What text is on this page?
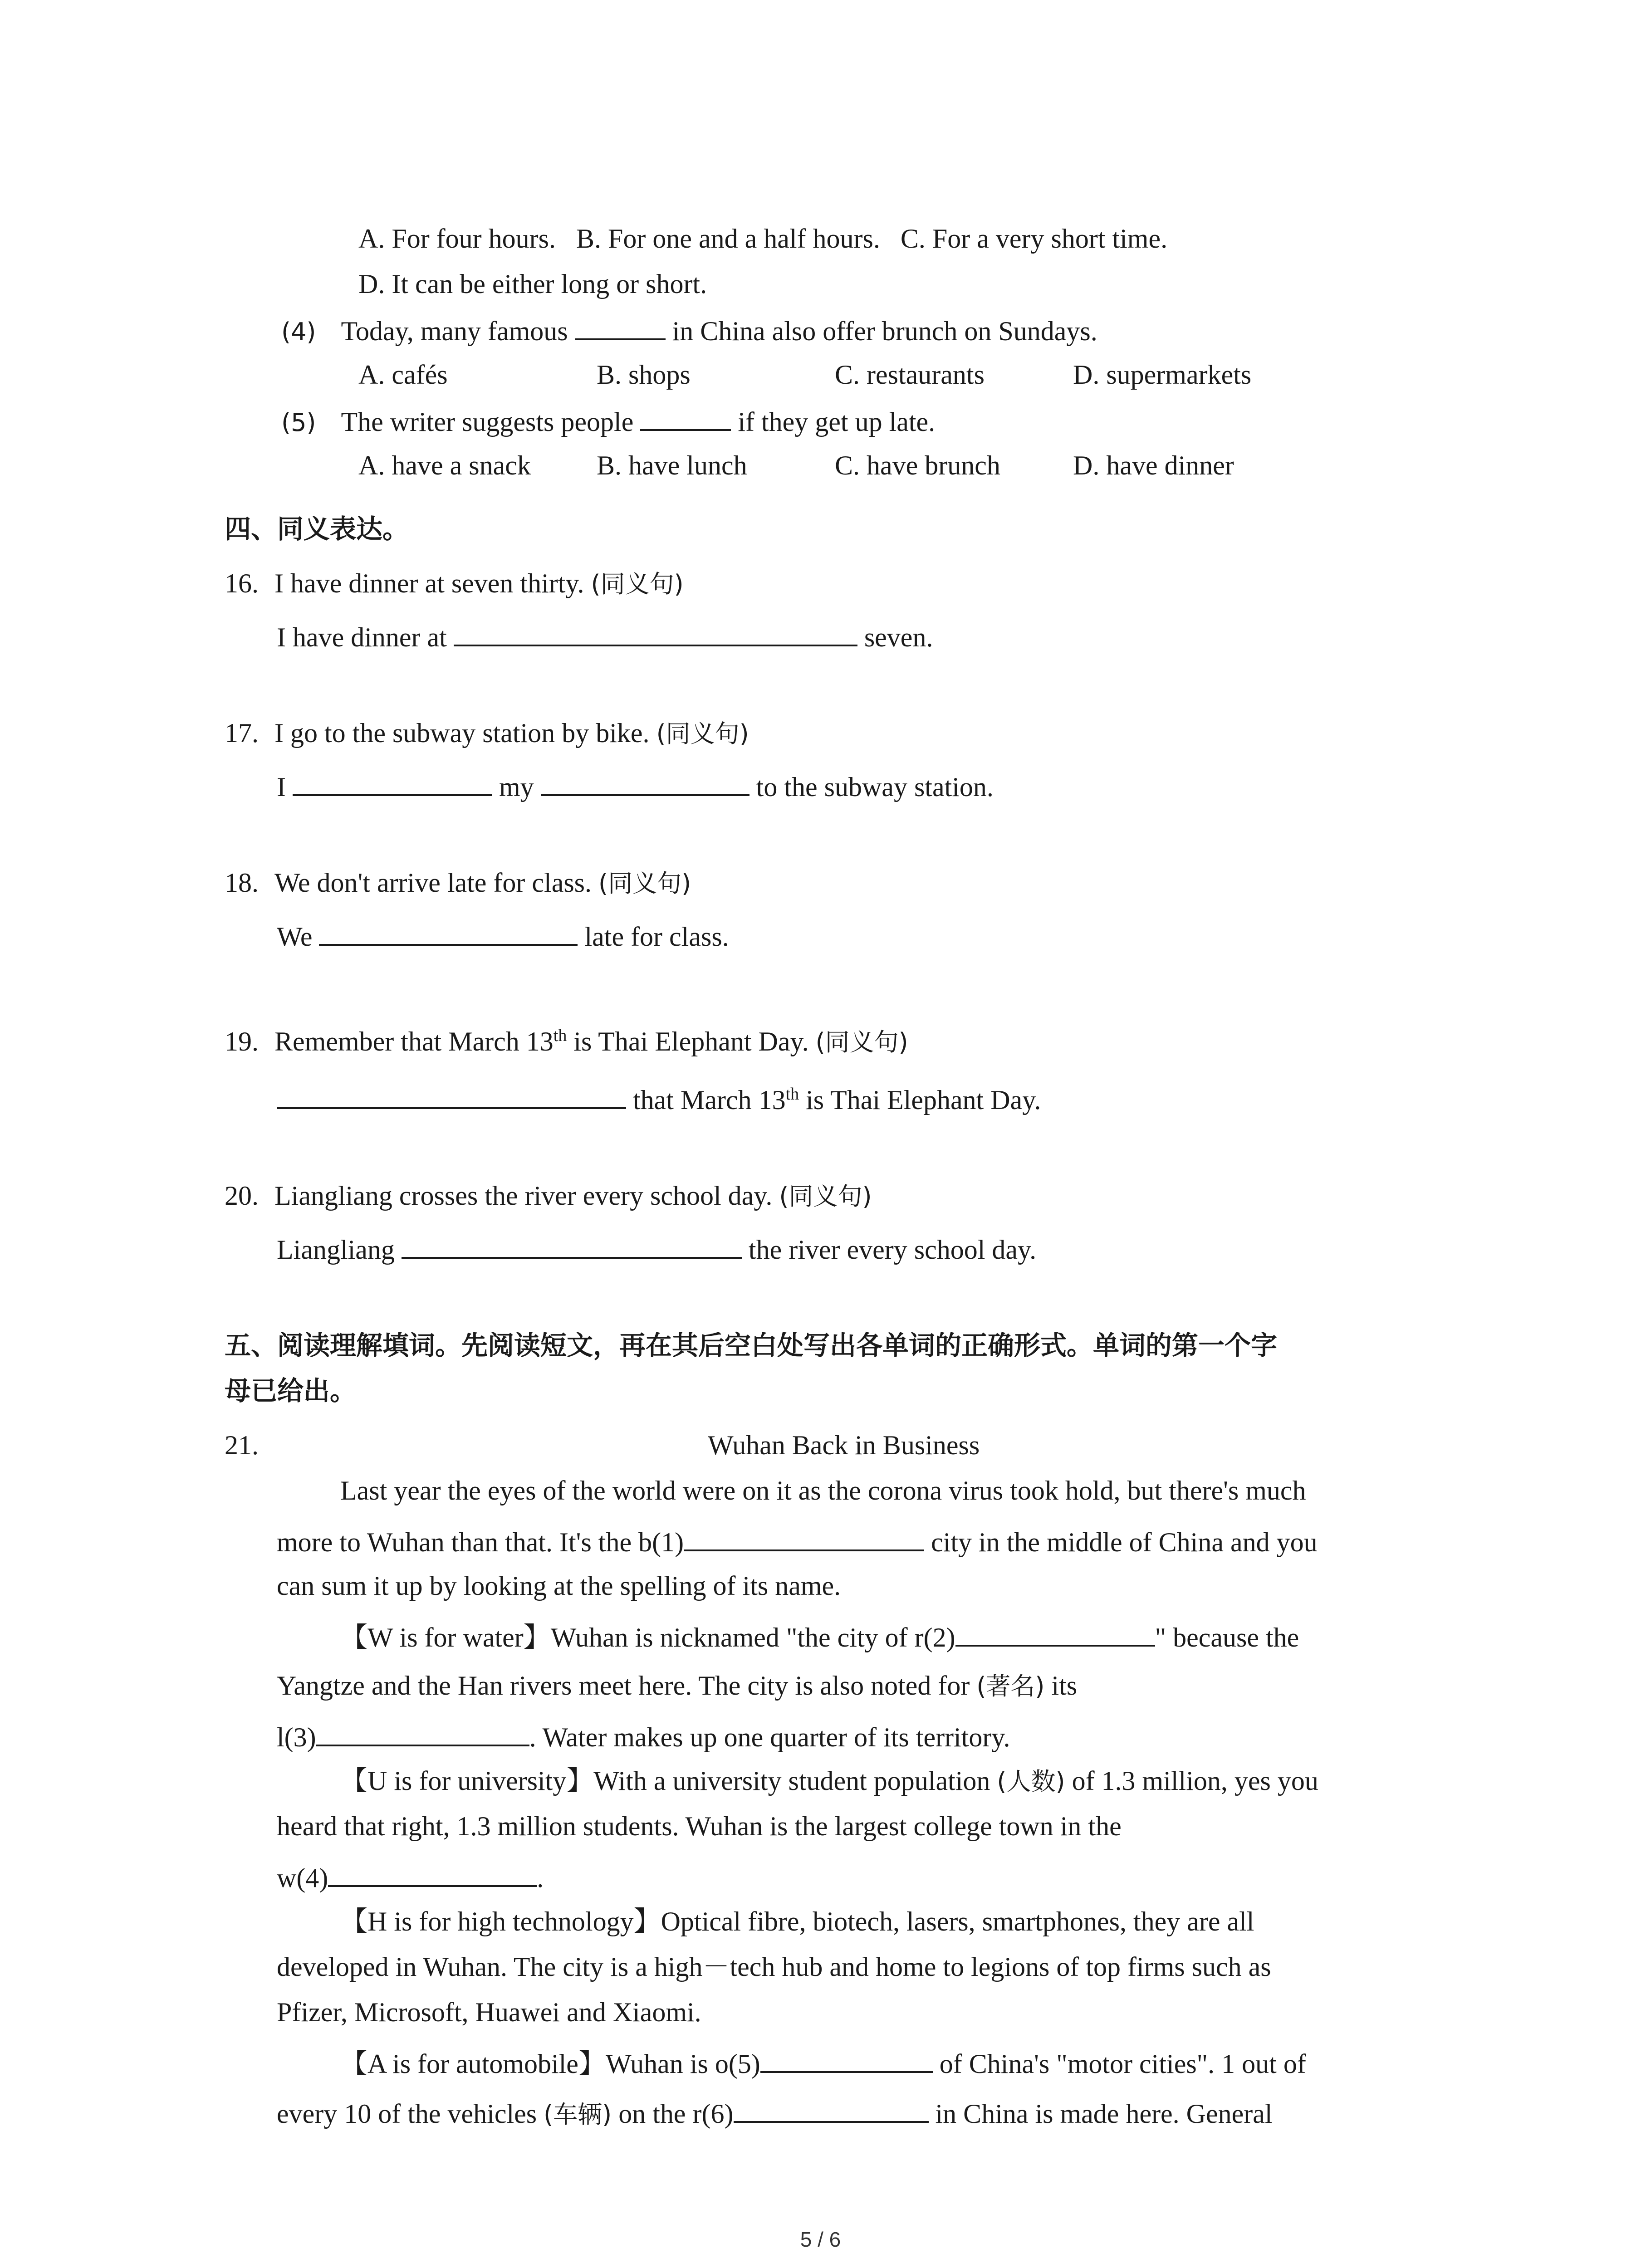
A. For four hours. B. For one and a half hours. C. For a very short time.
D. It can be either long or short.
(4) Today, many famous	in China also offer brunch on Sundays.
A. cafés	B. shops	C. restaurants	D. supermarkets
(5) The writer suggests people	if they get up late.
A. have a snack B. have lunch	C. have brunch	D. have dinner
四、同义表达。
16. I have dinner at seven thirty. (同义句)
I have dinner at	seven.
17. I go to the subway station by bike. (同义句)
I	my	to the subway station.
18. We don't arrive late for class. (同义句)
We	late for class.
19. Remember that March 13th is Thai Elephant Day. (同义句)
that March 13th is Thai Elephant Day.
20. Liangliang crosses the river every school day. (同义句)
Liangliang	the river every school day.
五、阅读理解填词。先阅读短文，再在其后空白处写出各单词的正确形式。单词的第一个字
母已给出。
21.	Wuhan Back in Business
Last year the eyes of the world were on it as the corona virus took hold, but there's much
more to Wuhan than that. It's the b(1)	city in the middle of China and you
can sum it up by looking at the spelling of its name.
【W is for water】Wuhan is nicknamed "the city of r(2)	" because the
Yangtze and the Han rivers meet here. The city is also noted for (著名) its
l(3)	. Water makes up one quarter of its territory.
【U is for university】With a university student population (人数) of 1.3 million, yes you
heard that right, 1.3 million students. Wuhan is the largest college town in the
w(4)	.
【H is for high technology】Optical fibre, biotech, lasers, smartphones, they are all
developed in Wuhan. The city is a high－tech hub and home to legions of top firms such as
Pfizer, Microsoft, Huawei and Xiaomi.
【A is for automobile】Wuhan is o(5)	of China's "motor cities". 1 out of
every 10 of the vehicles (车辆) on the r(6)	in China is made here. General
5 / 6
